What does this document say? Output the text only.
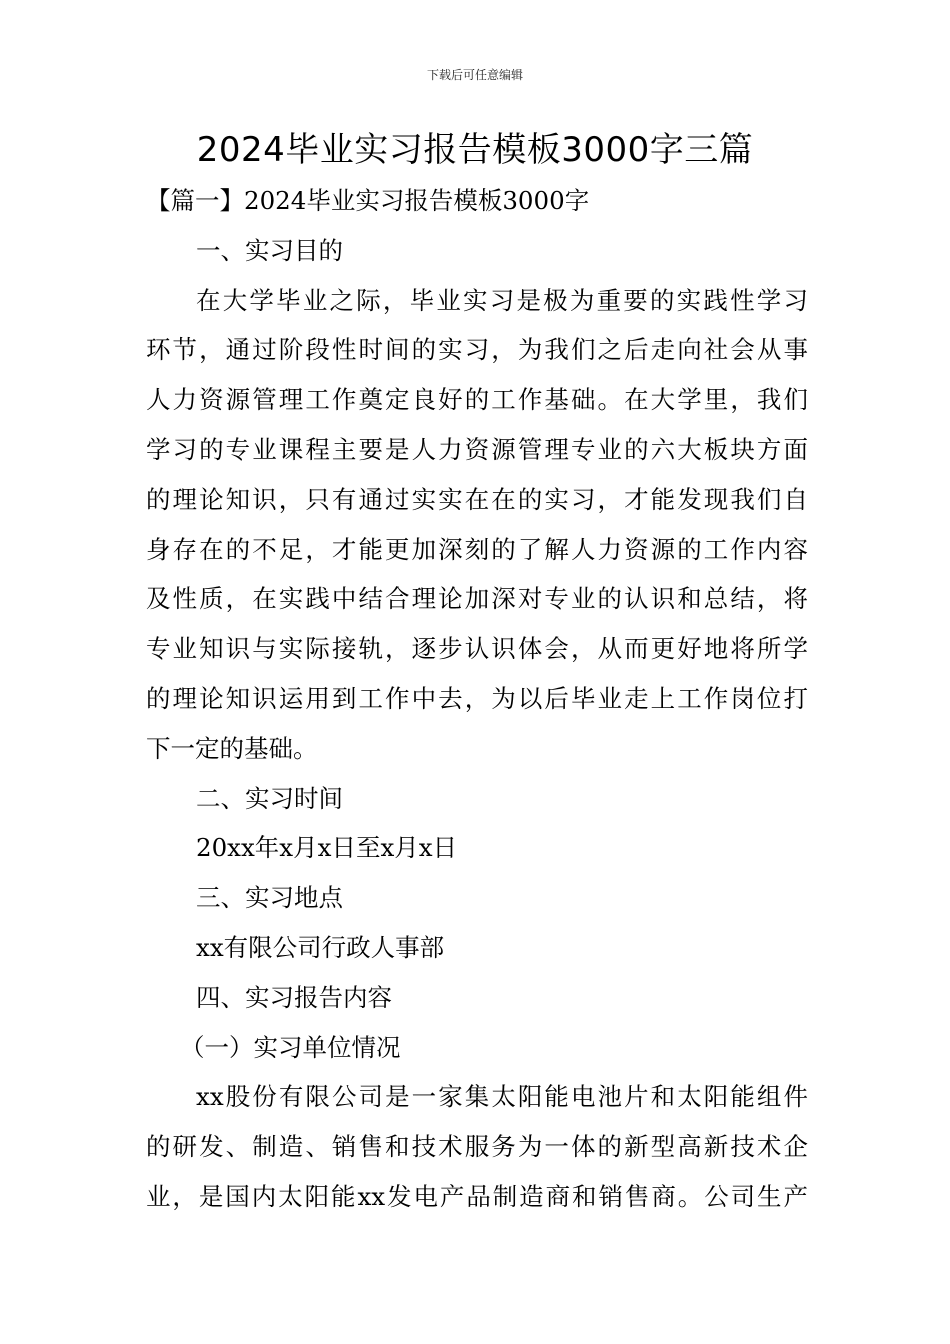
下载后可任意编辑
2024毕业实习报告模板3000字三篇
【篇一】2024毕业实习报告模板3000字
一、实习目的
在大学毕业之际，毕业实习是极为重要的实践性学习
环节，通过阶段性时间的实习，为我们之后走向社会从事
人力资源管理工作奠定良好的工作基础。在大学里，我们
学习的专业课程主要是人力资源管理专业的六大板块方面
的理论知识，只有通过实实在在的实习，才能发现我们自
身存在的不足，才能更加深刻的了解人力资源的工作内容
及性质，在实践中结合理论加深对专业的认识和总结，将
专业知识与实际接轨，逐步认识体会，从而更好地将所学
的理论知识运用到工作中去，为以后毕业走上工作岗位打
下一定的基础。
二、实习时间
20xx年x月x日至x月x日
三、实习地点
xx有限公司行政人事部
四、实习报告内容
（一）实习单位情况
xx股份有限公司是一家集太阳能电池片和太阳能组件
的研发、制造、销售和技术服务为一体的新型高新技术企
业，是国内太阳能xx发电产品制造商和销售商。公司生产
